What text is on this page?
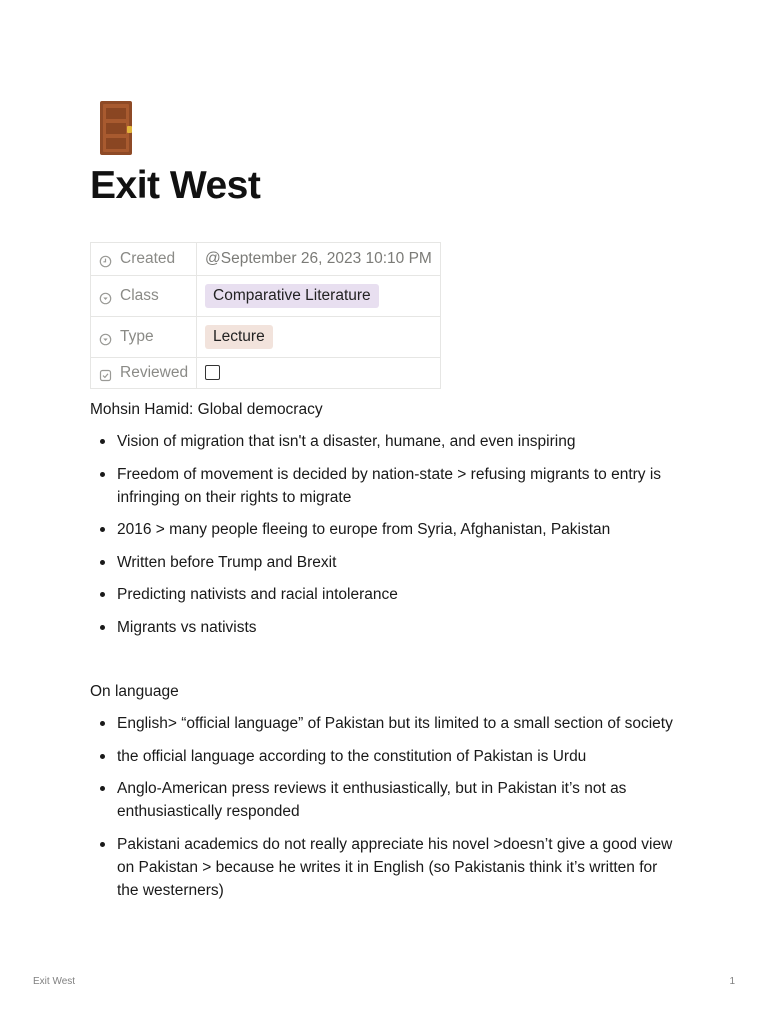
Exit West
Created	@September 26, 2023 10:10 PM

Class	Comparative Literature

Type	Lecture

Reviewed	

Mohsin Hamid: Global democracy
Vision of migration that isn't a disaster, humane, and even inspiring
Freedom of movement is decided by nation-state > refusing migrants to entry is infringing on their rights to migrate
2016 > many people fleeing to europe from Syria, Afghanistan, Pakistan
Written before Trump and Brexit
Predicting nativists and racial intolerance
Migrants vs nativists
On language
English> “official language” of Pakistan but its limited to a small section of society
the official language according to the constitution of Pakistan is Urdu
Anglo-American press reviews it enthusiastically, but in Pakistan it’s not as enthusiastically responded
Pakistani academics do not really appreciate his novel >doesn’t give a good view on Pakistan > because he writes it in English (so Pakistanis think it’s written for the westerners)
Exit West	1
